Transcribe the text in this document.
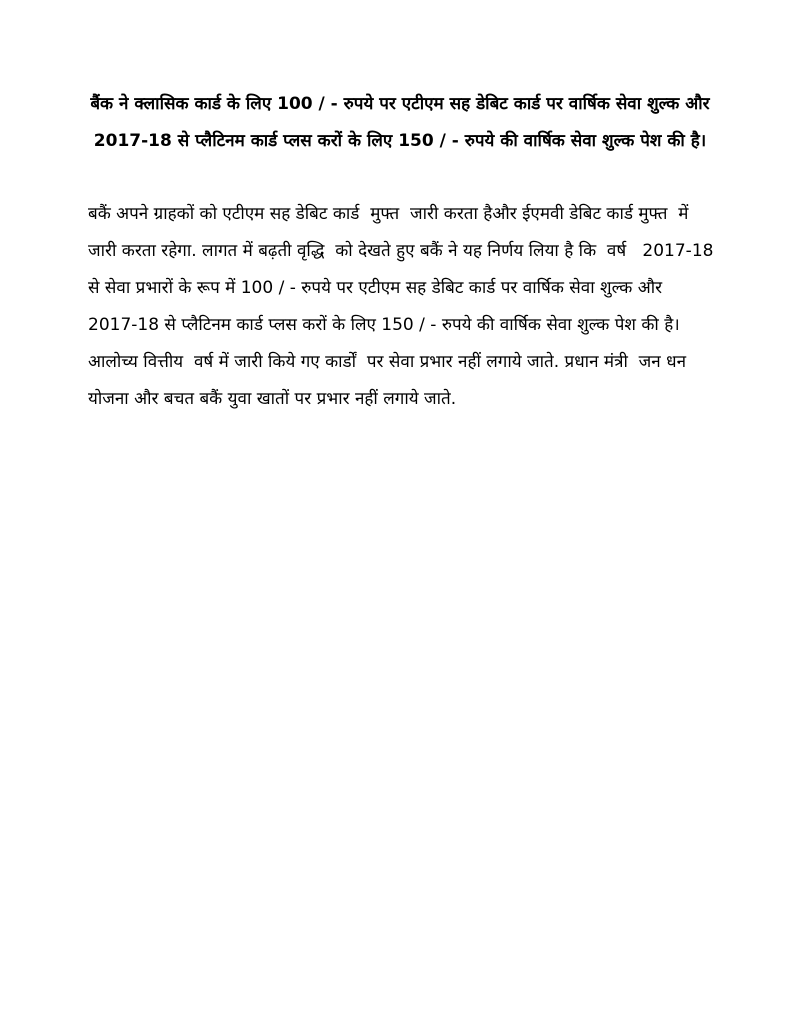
बैंक ने क्लासिक कार्ड के लिए 100 / - रुपये पर एटीएम सह डेबिट कार्ड पर वार्षिक सेवा शुल्क और 2017-18 से प्लैटिनम कार्ड प्लस करों के लिए 150 / - रुपये की वार्षिक सेवा शुल्क पेश की है।

बकैं अपने ग्राहकों को एटीएम सह डेबिट कार्ड  मुफ्त  जारी करता हैऔर ईएमवी डेबिट कार्ड मुफ्त  में जारी करता रहेगा. लागत में बढ़ती वृद्धि  को देखते हुए बकैं ने यह निर्णय लिया है कि  वर्ष   2017-18 से सेवा प्रभारों के रूप में 100 / - रुपये पर एटीएम सह डेबिट कार्ड पर वार्षिक सेवा शुल्क और 2017-18 से प्लैटिनम कार्ड प्लस करों के लिए 150 / - रुपये की वार्षिक सेवा शुल्क पेश की है। आलोच्य वित्तीय  वर्ष में जारी किये गए कार्डों  पर सेवा प्रभार नहीं लगाये जाते. प्रधान मंत्री  जन धन योजना और बचत बकैं युवा खातों पर प्रभार नहीं लगाये जाते.
